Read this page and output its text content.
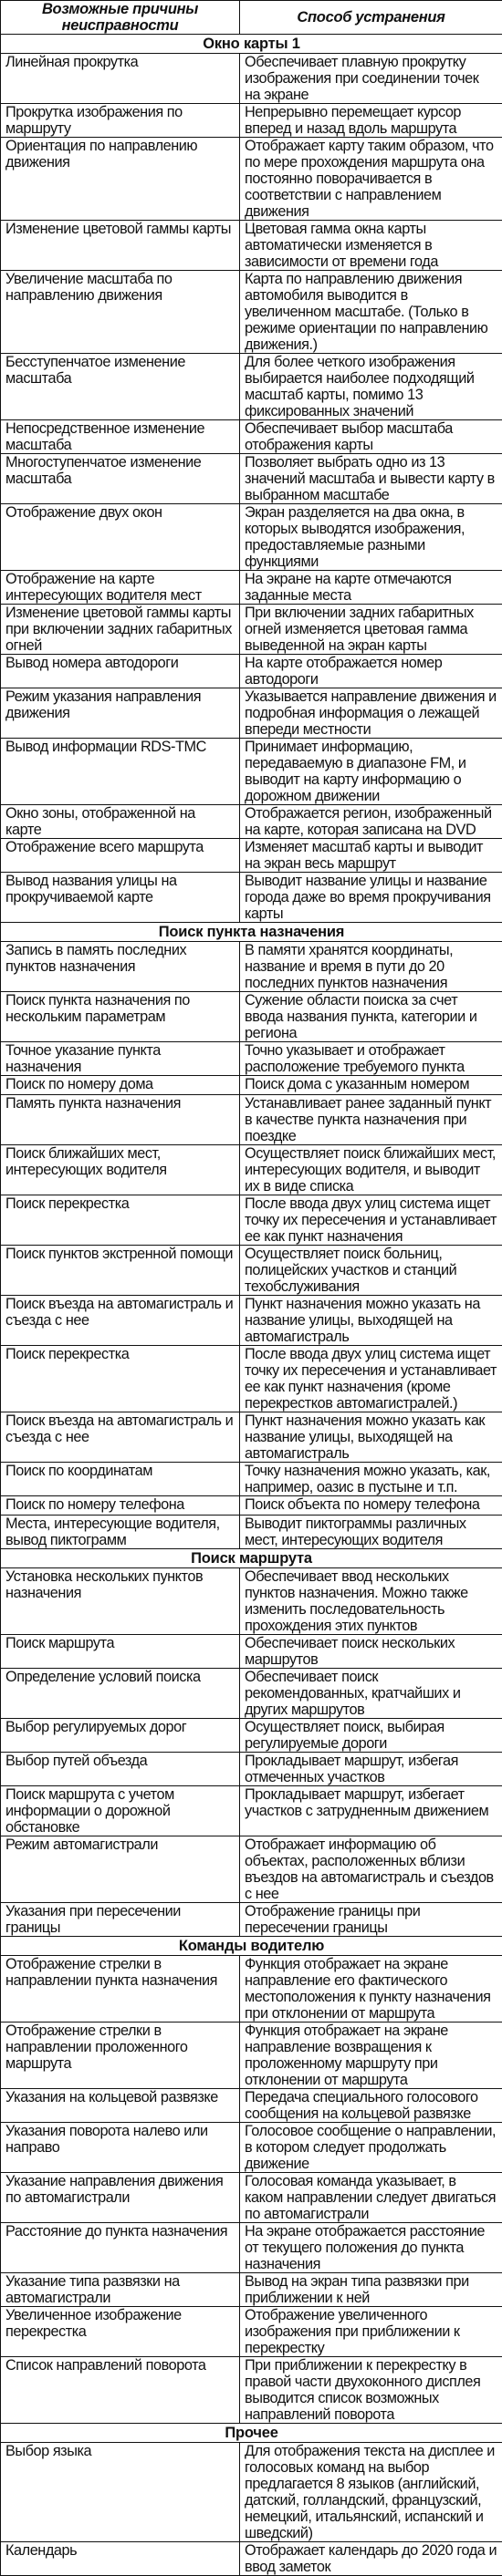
Возможные причины неисправности	Способ устранения
Окно карты 1	
Линейная прокрутка	Обеспечивает плавную прокрутку изображения при соединении точек на экране
Прокрутка изображения по маршруту	Непрерывно перемещает курсор вперед и назад вдоль маршрута
Ориентация по направлению движения	Отображает карту таким образом, что по мере прохождения маршрута она постоянно поворачивается в соответствии с направлением движения
Изменение цветовой гаммы карты	Цветовая гамма окна карты автоматически изменяется в зависимости от времени года
Увеличение масштаба по направлению движения	Карта по направлению движения автомобиля выводится в увеличенном масштабе. (Только в режиме ориентации по направлению движения.)
Бесступенчатое изменение масштаба	Для более четкого изображения выбирается наиболее подходящий масштаб карты, помимо 13 фиксированных значений
Непосредственное изменение масштаба	Обеспечивает выбор масштаба отображения карты
Многоступенчатое изменение масштаба	Позволяет выбрать одно из 13 значений масштаба и вывести карту в выбранном масштабе
Отображение двух окон	Экран разделяется на два окна, в которых выводятся изображения, предоставляемые разными функциями
Отображение на карте интересующих водителя мест	На экране на карте отмечаются заданные места
Изменение цветовой гаммы карты при включении задних габаритных огней	При включении задних габаритных огней изменяется цветовая гамма выведенной на экран карты
Вывод номера автодороги	На карте отображается номер автодороги
Режим указания направления движения	Указывается направление движения и подробная информация о лежащей впереди местности
Вывод информации RDS-TMC	Принимает информацию, передаваемую в диапазоне FM, и выводит на карту информацию о дорожном движении
Окно зоны, отображенной на карте	Отображается регион, изображенный на карте, которая записана на DVD
Отображение всего маршрута	Изменяет масштаб карты и выводит на экран весь маршрут
Вывод названия улицы на прокручиваемой карте	Выводит название улицы и название города даже во время прокручивания карты
Поиск пункта назначения	
Запись в память последних пунктов назначения	В памяти хранятся координаты, название и время в пути до 20 последних пунктов назначения
Поиск пункта назначения по нескольким параметрам	Сужение области поиска за счет ввода названия пункта, категории и региона
Точное указание пункта назначения	Точно указывает и отображает расположение требуемого пункта
Поиск по номеру дома	Поиск дома с указанным номером
Память пункта назначения	Устанавливает ранее заданный пункт в качестве пункта назначения при поездке
Поиск ближайших мест, интересующих водителя	Осуществляет поиск ближайших мест, интересующих водителя, и выводит их в виде списка
Поиск перекрестка	После ввода двух улиц система ищет точку их пересечения и устанавливает ее как пункт назначения
Поиск пунктов экстренной помощи	Осуществляет поиск больниц, полицейских участков и станций техобслуживания
Поиск въезда на автомагистраль и съезда с нее	Пункт назначения можно указать на название улицы, выходящей на автомагистраль
Поиск перекрестка	После ввода двух улиц система ищет точку их пересечения и устанавливает ее как пункт назначения (кроме перекрестков автомагистралей.)
Поиск въезда на автомагистраль и съезда с нее	Пункт назначения можно указать как название улицы, выходящей на автомагистраль
Поиск по координатам	Точку назначения можно указать, как, например, оазис в пустыне и т.п.
Поиск по номеру телефона	Поиск объекта по номеру телефона
Места, интересующие водителя, вывод пиктограмм	Выводит пиктограммы различных мест, интересующих водителя
Поиск маршрута	
Установка нескольких пунктов назначения	Обеспечивает ввод нескольких пунктов назначения. Можно также изменить последовательность прохождения этих пунктов
Поиск маршрута	Обеспечивает поиск нескольких маршрутов
Определение условий поиска	Обеспечивает поиск рекомендованных, кратчайших и других маршрутов
Выбор регулируемых дорог	Осуществляет поиск, выбирая регулируемые дороги
Выбор путей объезда	Прокладывает маршрут, избегая отмеченных участков
Поиск маршрута с учетом информации о дорожной обстановке	Прокладывает маршрут, избегает участков с затрудненным движением
Режим автомагистрали	Отображает информацию об объектах, расположенных вблизи въездов на автомагистраль и съездов с нее
Указания при пересечении границы	Отображение границы при пересечении границы
Команды водителю	
Отображение стрелки в направлении пункта назначения	Функция отображает на экране направление его фактического местоположения к пункту назначения при отклонении от маршрута
Отображение стрелки в направлении проложенного маршрута	Функция отображает на экране направление возвращения к проложенному маршруту при отклонении от маршрута
Указания на кольцевой развязке	Передача специального голосового сообщения на кольцевой развязке
Указания поворота налево или направо	Голосовое сообщение о направлении, в котором следует продолжать движение
Указание направления движения по автомагистрали	Голосовая команда указывает, в каком направлении следует двигаться по автомагистрали
Расстояние до пункта назначения	На экране отображается расстояние от текущего положения до пункта назначения
Указание типа развязки на автомагистрали	Вывод на экран типа развязки при приближении к ней
Увеличенное изображение перекрестка	Отображение увеличенного изображения при приближении к перекрестку
Список направлений поворота	При приближении к перекрестку в правой части двухоконного дисплея выводится список возможных направлений поворота
Прочее	
Выбор языка	Для отображения текста на дисплее и голосовых команд на выбор предлагается 8 языков (английский, датский, голландский, французский, немецкий, итальянский, испанский и шведский)
Календарь	Отображает календарь до 2020 года и ввод заметок
